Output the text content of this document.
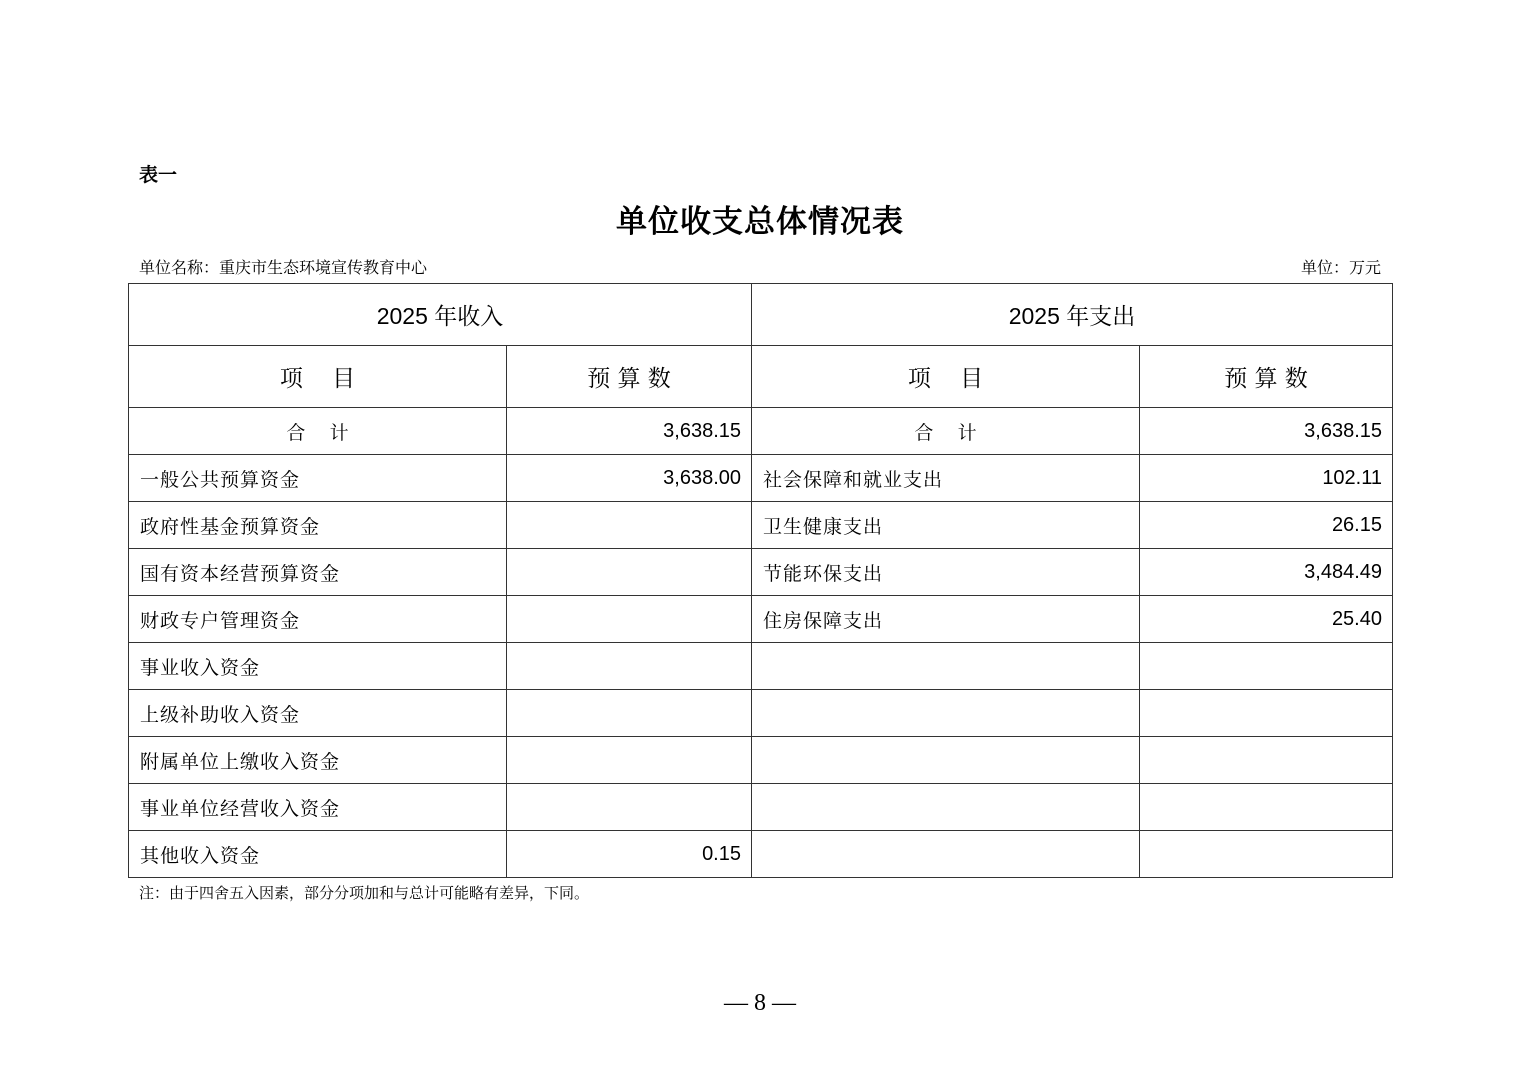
表一
单位收支总体情况表
单位名称：重庆市生态环境宣传教育中心	单位：万元
2025 年收入		2025 年支出	
项    目	预 算 数	项    目	预 算 数
合    计	3,638.15	合    计	3,638.15
一般公共预算资金	3,638.00	社会保障和就业支出	102.11
政府性基金预算资金		卫生健康支出	26.15
国有资本经营预算资金		节能环保支出	3,484.49
财政专户管理资金		住房保障支出	25.40
事业收入资金			
上级补助收入资金			
附属单位上缴收入资金			
事业单位经营收入资金			
其他收入资金	0.15		
注：由于四舍五入因素，部分分项加和与总计可能略有差异，下同。
— 8 —
